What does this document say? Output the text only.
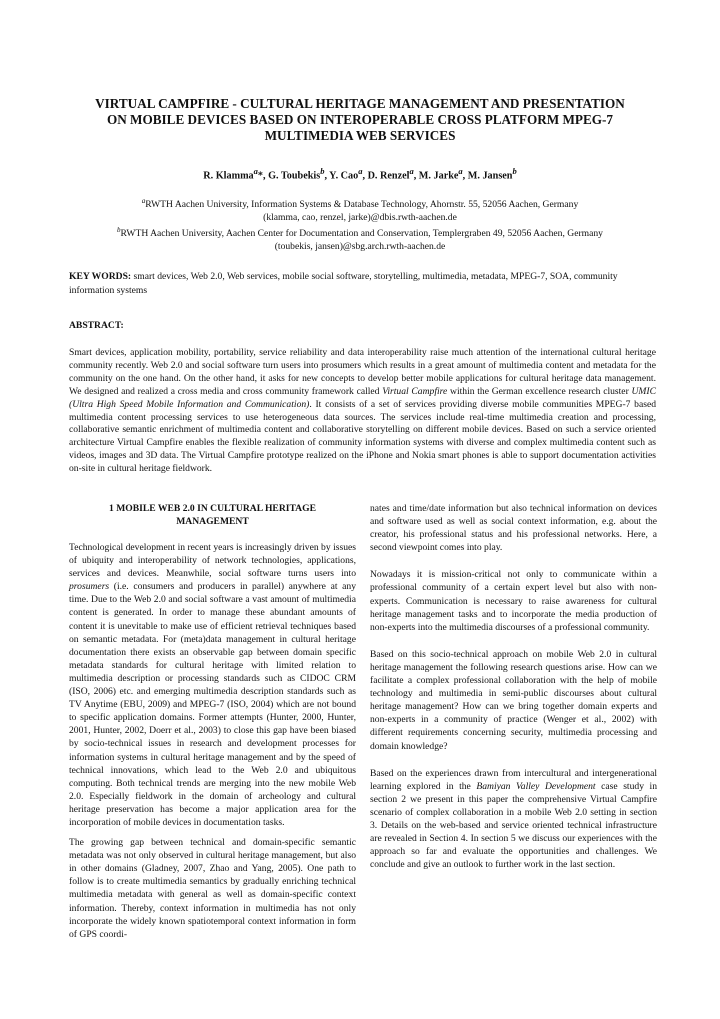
VIRTUAL CAMPFIRE - CULTURAL HERITAGE MANAGEMENT AND PRESENTATION
ON MOBILE DEVICES BASED ON INTEROPERABLE CROSS PLATFORM MPEG-7
MULTIMEDIA WEB SERVICES
R. Klamma$^a$*, G. Toubekis$^b$, Y. Cao$^a$, D. Renzel$^a$, M. Jarke$^a$, M. Jansen$^b$
$^a$RWTH Aachen University, Information Systems & Database Technology, Ahornstr. 55, 52056 Aachen, Germany
(klamma, cao, renzel, jarke)@dbis.rwth-aachen.de
$^b$RWTH Aachen University, Aachen Center for Documentation and Conservation, Templergraben 49, 52056 Aachen, Germany
(toubekis, jansen)@sbg.arch.rwth-aachen.de
KEY WORDS: smart devices, Web 2.0, Web services, mobile social software, storytelling, multimedia, metadata, MPEG-7, SOA, community information systems
ABSTRACT:
Smart devices, application mobility, portability, service reliability and data interoperability raise much attention of the international cultural heritage community recently. Web 2.0 and social software turn users into prosumers which results in a great amount of multimedia content and metadata for the community on the one hand. On the other hand, it asks for new concepts to develop better mobile applications for cultural heritage data management. We designed and realized a cross media and cross community framework called Virtual Campfire within the German excellence research cluster UMIC (Ultra High Speed Mobile Information and Communication). It consists of a set of services providing diverse mobile communities MPEG-7 based multimedia content processing services to use heterogeneous data sources. The services include real-time multimedia creation and processing, collaborative semantic enrichment of multimedia content and collaborative storytelling on different mobile devices. Based on such a service oriented architecture Virtual Campfire enables the flexible realization of community information systems with diverse and complex multimedia content such as videos, images and 3D data. The Virtual Campfire prototype realized on the iPhone and Nokia smart phones is able to support documentation activities on-site in cultural heritage fieldwork.
1 MOBILE WEB 2.0 IN CULTURAL HERITAGE
MANAGEMENT

Technological development in recent years is increasingly driven by issues of ubiquity and interoperability of network technologies, applications, services and devices. Meanwhile, social software turns users into prosumers (i.e. consumers and producers in parallel) anywhere at any time. Due to the Web 2.0 and social software a vast amount of multimedia content is generated. In order to manage these abundant amounts of content it is unevitable to make use of efficient retrieval techniques based on semantic metadata. For (meta)data management in cultural heritage documentation there exists an observable gap between domain specific metadata standards for cultural heritage with limited relation to multimedia description or processing standards such as CIDOC CRM (ISO, 2006) etc. and emerging multimedia description standards such as TV Anytime (EBU, 2009) and MPEG-7 (ISO, 2004) which are not bound to specific application domains. Former attempts (Hunter, 2000, Hunter, 2001, Hunter, 2002, Doerr et al., 2003) to close this gap have been biased by socio-technical issues in research and development processes for information systems in cultural heritage management and by the speed of technical innovations, which lead to the Web 2.0 and ubiquitous computing. Both technical trends are merging into the new mobile Web 2.0. Especially fieldwork in the domain of archeology and cultural heritage preservation has become a major application area for the incorporation of mobile devices in documentation tasks.

The growing gap between technical and domain-specific semantic metadata was not only observed in cultural heritage management, but also in other domains (Gladney, 2007, Zhao and Yang, 2005). One path to follow is to create multimedia semantics by gradually enriching technical multimedia metadata with general as well as domain-specific context information. Thereby, context information in multimedia has not only incorporate the widely known spatiotemporal context information in form of GPS coordi-

nates and time/date information but also technical information on devices and software used as well as social context information, e.g. about the creator, his professional status and his professional networks. Here, a second viewpoint comes into play.

Nowadays it is mission-critical not only to communicate within a professional community of a certain expert level but also with non-experts. Communication is necessary to raise awareness for cultural heritage management tasks and to incorporate the media production of non-experts into the multimedia discourses of a professional community.

Based on this socio-technical approach on mobile Web 2.0 in cultural heritage management the following research questions arise. How can we facilitate a complex professional collaboration with the help of mobile technology and multimedia in semi-public discourses about cultural heritage management? How can we bring together domain experts and non-experts in a community of practice (Wenger et al., 2002) with different requirements concerning security, multimedia processing and domain knowledge?

Based on the experiences drawn from intercultural and intergenerational learning explored in the Bamiyan Valley Development case study in section 2 we present in this paper the comprehensive Virtual Campfire scenario of complex collaboration in a mobile Web 2.0 setting in section 3. Details on the web-based and service oriented technical infrastructure are revealed in Section 4. In section 5 we discuss our experiences with the approach so far and evaluate the opportunities and challenges. We conclude and give an outlook to further work in the last section.
